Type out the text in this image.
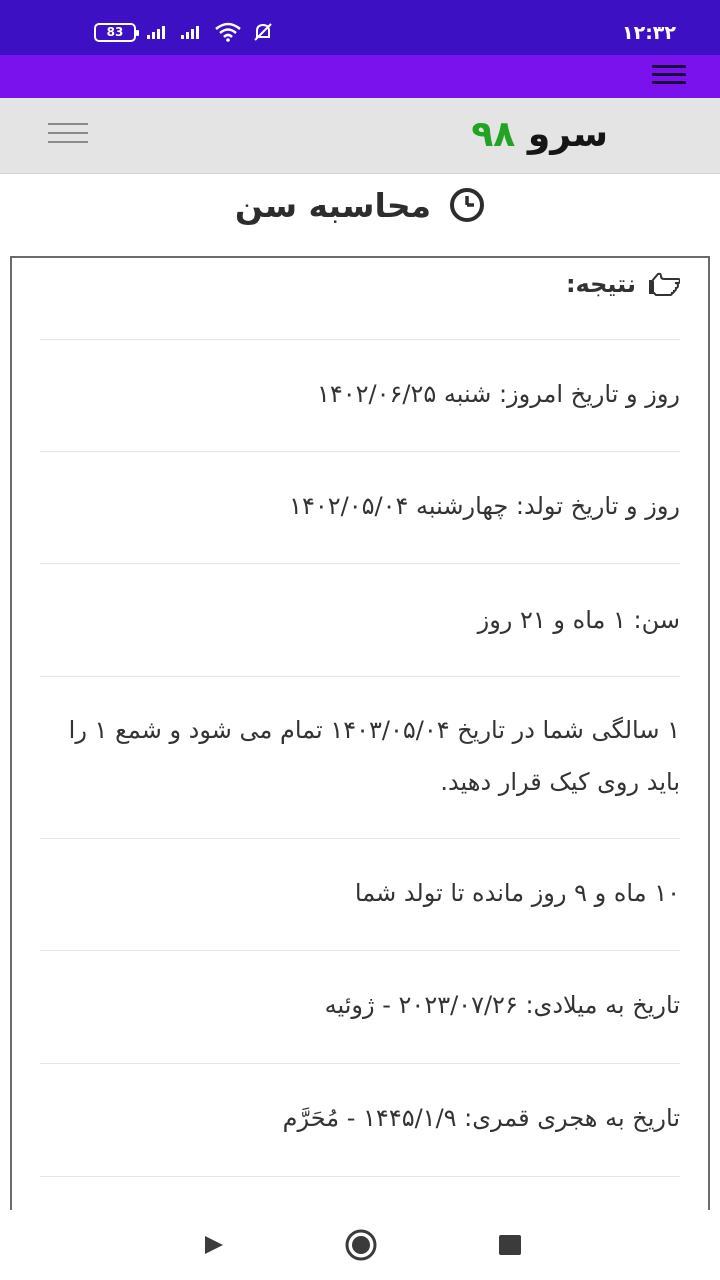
83	۱۲:۳۲
سرو ۹۸
محاسبه سن
نتیجه:
روز و تاریخ امروز: شنبه ۱۴۰۲/۰۶/۲۵
روز و تاریخ تولد: چهارشنبه ۱۴۰۲/۰۵/۰۴
سن: ۱ ماه و ۲۱ روز
۱ سالگی شما در تاریخ ۱۴۰۳/۰۵/۰۴ تمام می شود و شمع ۱ را باید روی کیک قرار دهید.
۱۰ ماه و ۹ روز مانده تا تولد شما
تاریخ به میلادی: ۲۰۲۳/۰۷/۲۶ - ژوئیه
تاریخ به هجری قمری: ۱۴۴۵/۱/۹ - مُحَرَّم
